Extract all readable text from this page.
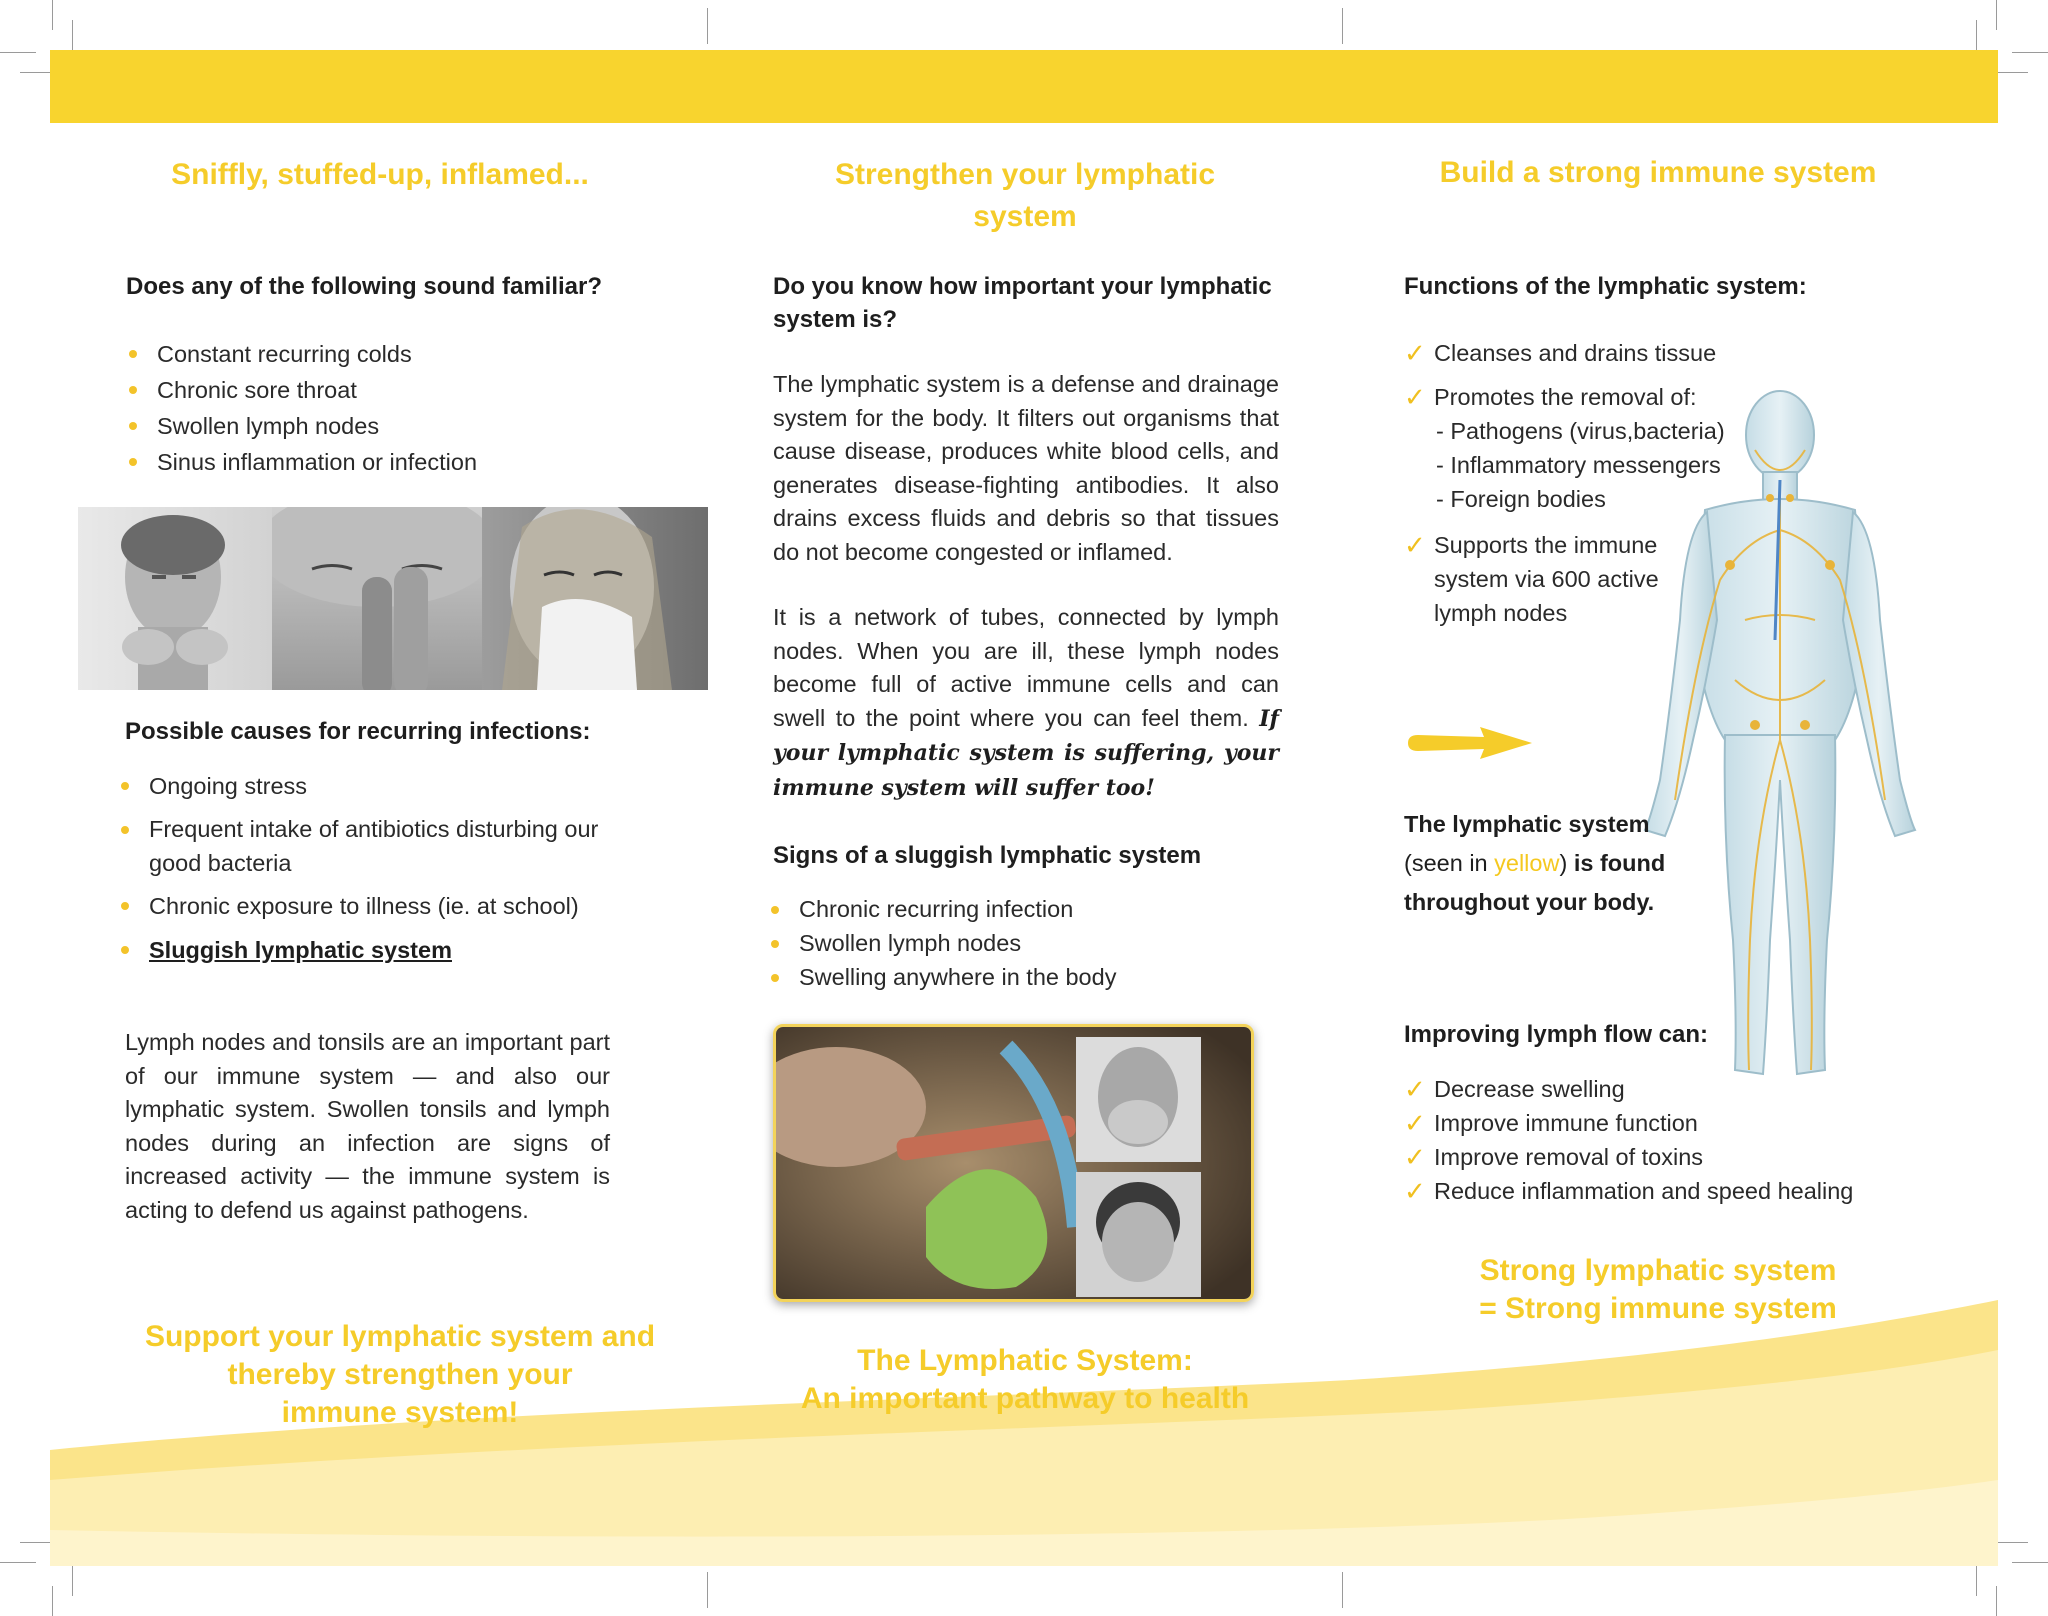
Sniffly, stuffed-up, inflamed...
Does any of the following sound familiar?
Constant recurring colds
Chronic sore throat
Swollen lymph nodes
Sinus inflammation or infection
Possible causes for recurring infections:
Ongoing stress
Frequent intake of antibiotics disturbing our good bacteria
Chronic exposure to illness (ie. at school)
Sluggish lymphatic system
Lymph nodes and tonsils are an important part of our immune system — and also our lymphatic system. Swollen tonsils and lymph nodes during an infection are signs of increased activity — the immune system is acting to defend us against pathogens.
Support your lymphatic system and
thereby strengthen your
immune system!
Strengthen your lymphatic
system
Do you know how important your lymphatic system is?
The lymphatic system is a defense and drainage system for the body. It filters out organisms that cause disease, produces white blood cells, and generates disease-fighting antibodies. It also drains excess fluids and debris so that tissues do not become congested or inflamed.
It is a network of tubes, connected by lymph nodes. When you are ill, these lymph nodes become full of active immune cells and can swell to the point where you can feel them. If your lymphatic system is suffering, your immune system will suffer too!
Signs of a sluggish lymphatic system
Chronic recurring infection
Swollen lymph nodes
Swelling anywhere in the body
The Lymphatic System:
An important pathway to health
Build a strong immune system
Functions of the lymphatic system:
✓ Cleanses and drains tissue
✓ Promotes the removal of:
- Pathogens (virus,bacteria)
- Inflammatory messengers
- Foreign bodies
✓ Supports the immune
system via 600 active
lymph nodes
The lymphatic system
(seen in yellow) is found
throughout your body.
Improving lymph flow can:
✓ Decrease swelling
✓ Improve immune function
✓ Improve removal of toxins
✓ Reduce inflammation and speed healing
Strong lymphatic system
= Strong immune system
